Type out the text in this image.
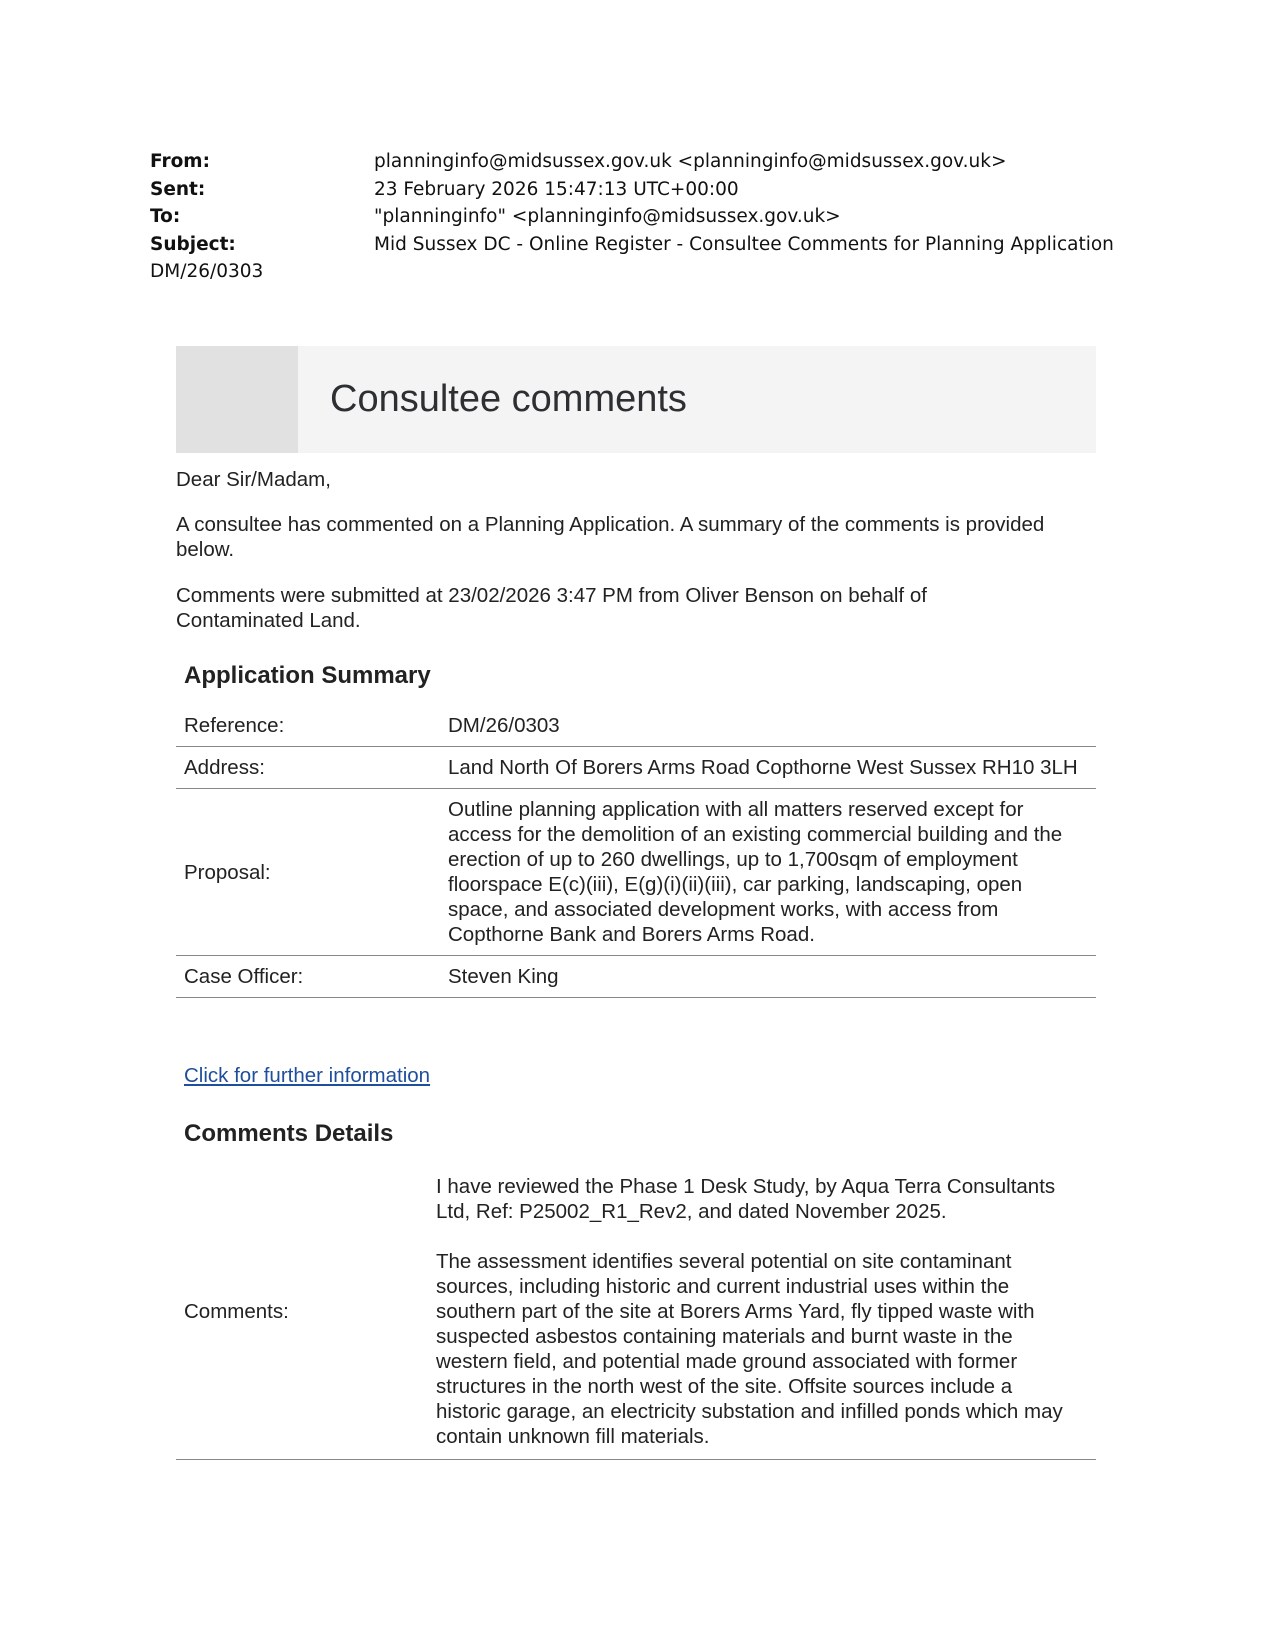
From:	planninginfo@midsussex.gov.uk <planninginfo@midsussex.gov.uk>
Sent:	23 February 2026 15:47:13 UTC+00:00
To:	"planninginfo" <planninginfo@midsussex.gov.uk>
Subject:	Mid Sussex DC - Online Register - Consultee Comments for Planning Application
DM/26/0303
Consultee comments

Dear Sir/Madam,

A consultee has commented on a Planning Application. A summary of the comments is provided below.

Comments were submitted at 23/02/2026 3:47 PM from Oliver Benson on behalf of Contaminated Land.

Application Summary
Reference:	DM/26/0303
Address:	Land North Of Borers Arms Road Copthorne West Sussex RH10 3LH
Proposal:	Outline planning application with all matters reserved except for access for the demolition of an existing commercial building and the erection of up to 260 dwellings, up to 1,700sqm of employment floorspace E(c)(iii), E(g)(i)(ii)(iii), car parking, landscaping, open space, and associated development works, with access from Copthorne Bank and Borers Arms Road.
Case Officer:	Steven King
Click for further information
Comments Details
Comments:	

I have reviewed the Phase 1 Desk Study, by Aqua Terra Consultants Ltd, Ref: P25002_R1_Rev2, and dated November 2025.

The assessment identifies several potential on site contaminant sources, including historic and current industrial uses within the southern part of the site at Borers Arms Yard, fly tipped waste with suspected asbestos containing materials and burnt waste in the western field, and potential made ground associated with former structures in the north west of the site. Offsite sources include a historic garage, an electricity substation and infilled ponds which may contain unknown fill materials.
